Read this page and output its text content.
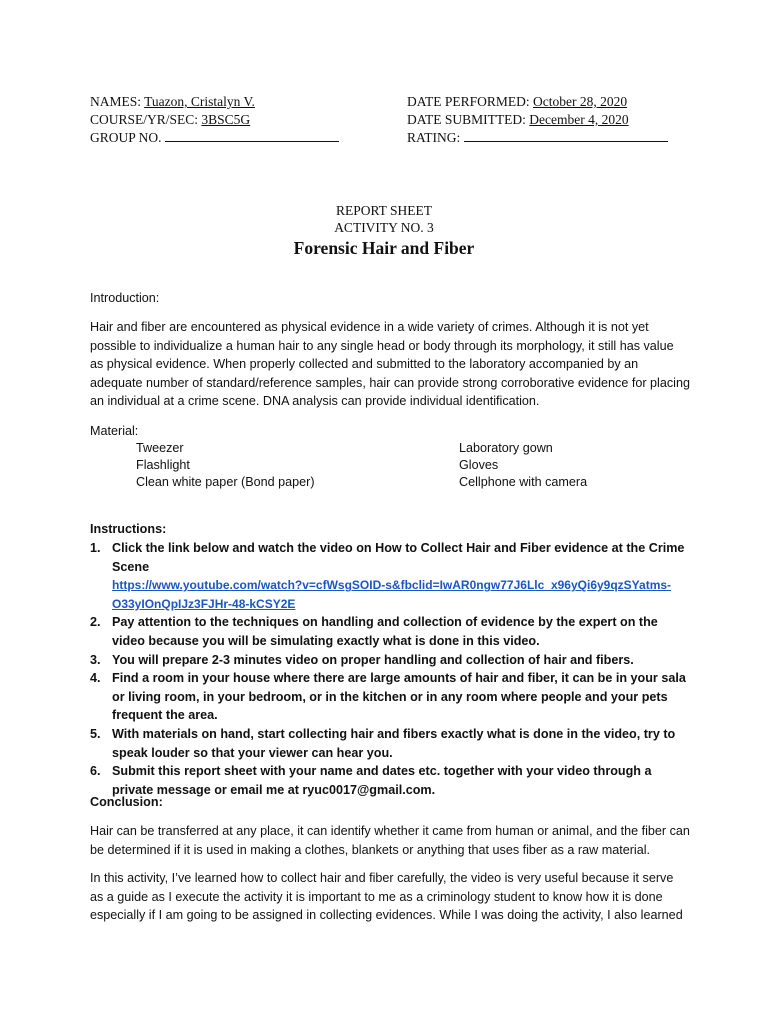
NAMES: Tuazon, Cristalyn V.
COURSE/YR/SEC: 3BSC5G
GROUP NO.
DATE PERFORMED: October 28, 2020
DATE SUBMITTED: December 4, 2020
RATING:
REPORT SHEET
ACTIVITY NO. 3
Forensic Hair and Fiber
Introduction:
Hair and fiber are encountered as physical evidence in a wide variety of crimes. Although it is not yet possible to individualize a human hair to any single head or body through its morphology, it still has value as physical evidence. When properly collected and submitted to the laboratory accompanied by an adequate number of standard/reference samples, hair can provide strong corroborative evidence for placing an individual at a crime scene. DNA analysis can provide individual identification.
Material:
Tweezer
Flashlight
Clean white paper (Bond paper)
Laboratory gown
Gloves
Cellphone with camera
Instructions:
1. Click the link below and watch the video on How to Collect Hair and Fiber evidence at the Crime Scene
https://www.youtube.com/watch?v=cfWsgSOID-s&fbclid=IwAR0ngw77J6Llc_x96yQi6y9qzSYatms-
O33yIOnQpIJz3FJHr-48-kCSY2E
2. Pay attention to the techniques on handling and collection of evidence by the expert on the video because you will be simulating exactly what is done in this video.
3. You will prepare 2-3 minutes video on proper handling and collection of hair and fibers.
4. Find a room in your house where there are large amounts of hair and fiber, it can be in your sala or living room, in your bedroom, or in the kitchen or in any room where people and your pets frequent the area.
5. With materials on hand, start collecting hair and fibers exactly what is done in the video, try to speak louder so that your viewer can hear you.
6. Submit this report sheet with your name and dates etc. together with your video through a private message or email me at ryuc0017@gmail.com.
Conclusion:
Hair can be transferred at any place, it can identify whether it came from human or animal, and the fiber can be determined if it is used in making a clothes, blankets or anything that uses fiber as a raw material.
In this activity, I’ve learned how to collect hair and fiber carefully, the video is very useful because it serve as a guide as I execute the activity it is important to me as a criminology student to know how it is done especially if I am going to be assigned in collecting evidences. While I was doing the activity, I also learned
